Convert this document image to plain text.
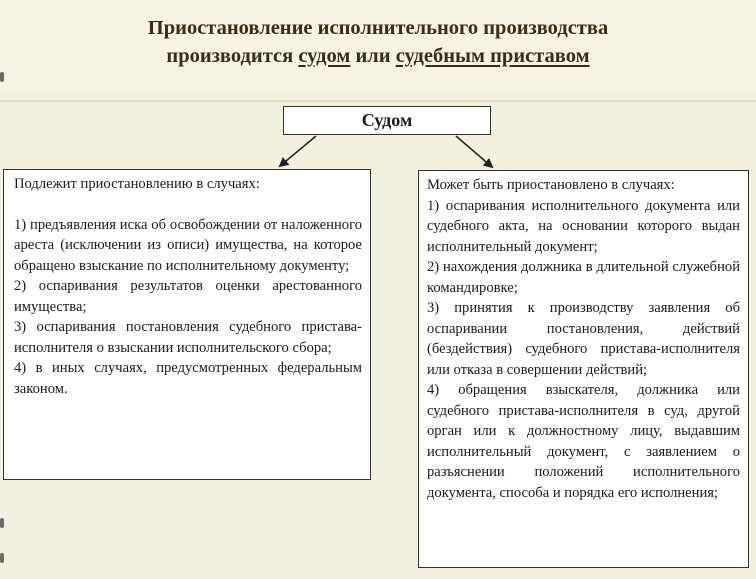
Приостановление исполнительного производства
производится судом или судебным приставом
Судом

Подлежит приостановлению в случаях:

1) предъявления иска об освобождении от наложенного ареста (исключении из описи) имущества, на которое обращено взыскание по исполнительному документу;

2) оспаривания результатов оценки арестованного имущества;

3) оспаривания постановления судебного пристава-исполнителя о взыскании исполнительского сбора;

4) в иных случаях, предусмотренных федеральным законом.

Может быть приостановлено в случаях:

1) оспаривания исполнительного документа или судебного акта, на основании которого выдан исполнительный документ;

2) нахождения должника в длительной служебной командировке;

3) принятия к производству заявления об оспаривании постановления, действий (бездействия) судебного пристава-исполнителя или отказа в совершении действий;

4) обращения взыскателя, должника или судебного пристава-исполнителя в суд, другой орган или к должностному лицу, выдавшим исполнительный документ, с заявлением о разъяснении положений исполнительного документа, способа и порядка его исполнения;
